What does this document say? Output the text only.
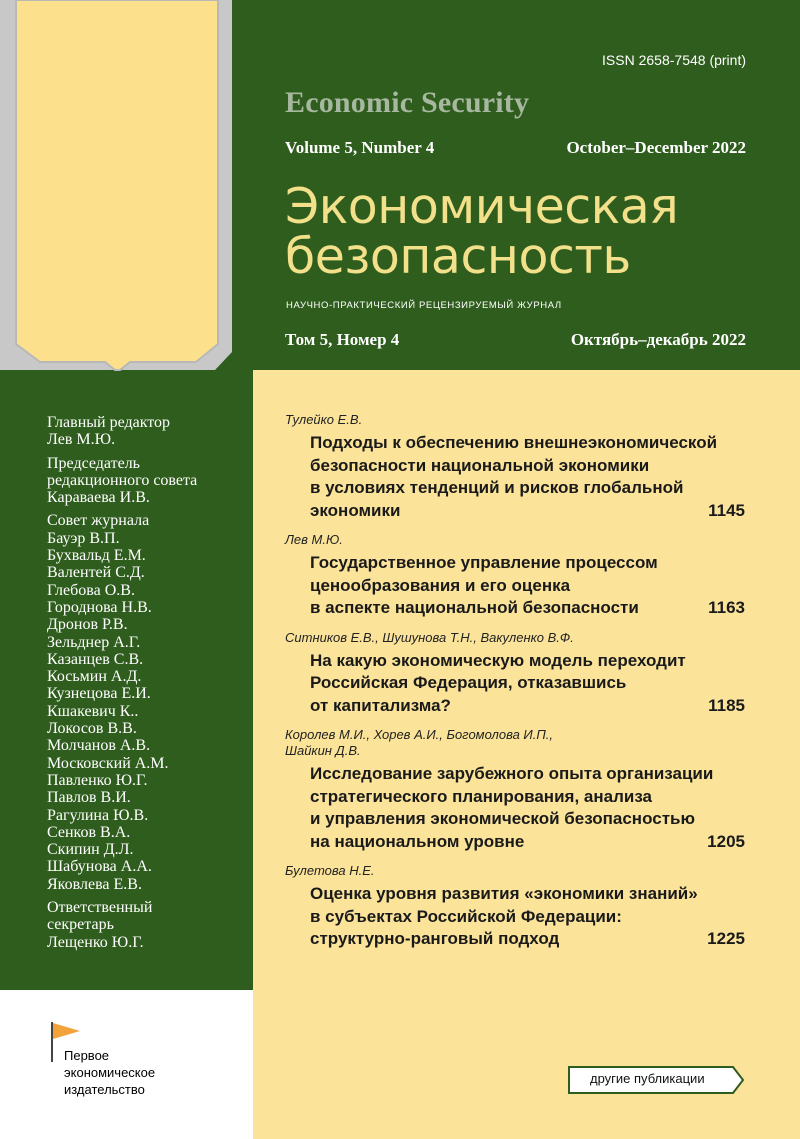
ISSN 2658-7548 (print)
Economic Security
Volume 5, Number 4	October–December 2022
Экономическая
безопасность
НАУЧНО-ПРАКТИЧЕСКИЙ РЕЦЕНЗИРУЕМЫЙ ЖУРНАЛ
Том 5, Номер 4	Октябрь–декабрь 2022
Главный редактор
Лев М.Ю.
Председатель
редакционного совета
Караваева И.В.
Совет журнала
Бауэр В.П.
Бухвальд Е.М.
Валентей С.Д.
Глебова О.В.
Городнова Н.В.
Дронов Р.В.
Зельднер А.Г.
Казанцев С.В.
Косьмин А.Д.
Кузнецова Е.И.
Кшакевич К..
Локосов В.В.
Молчанов А.В.
Московский А.М.
Павленко Ю.Г.
Павлов В.И.
Рагулина Ю.В.
Сенков В.А.
Скипин Д.Л.
Шабунова А.А.
Яковлева Е.В.
Ответственный
секретарь
Лещенко Ю.Г.
Тулейко Е.В.
Подходы к обеспечению внешнеэкономической
безопасности национальной экономики
в условиях тенденций и рисков глобальной
экономики	1145
Лев М.Ю.
Государственное управление процессом
ценообразования и его оценка
в аспекте национальной безопасности	1163
Ситников Е.В., Шушунова Т.Н., Вакуленко В.Ф.
На какую экономическую модель переходит
Российская Федерация, отказавшись
от капитализма?	1185
Королев М.И., Хорев А.И., Богомолова И.П.,
Шайкин Д.В.
Исследование зарубежного опыта организации
стратегического планирования, анализа
и управления экономической безопасностью
на национальном уровне	1205
Булетова Н.Е.
Оценка уровня развития «экономики знаний»
в субъектах Российской Федерации:
структурно-ранговый подход	1225
Первое
экономическое
издательство
другие публикации
